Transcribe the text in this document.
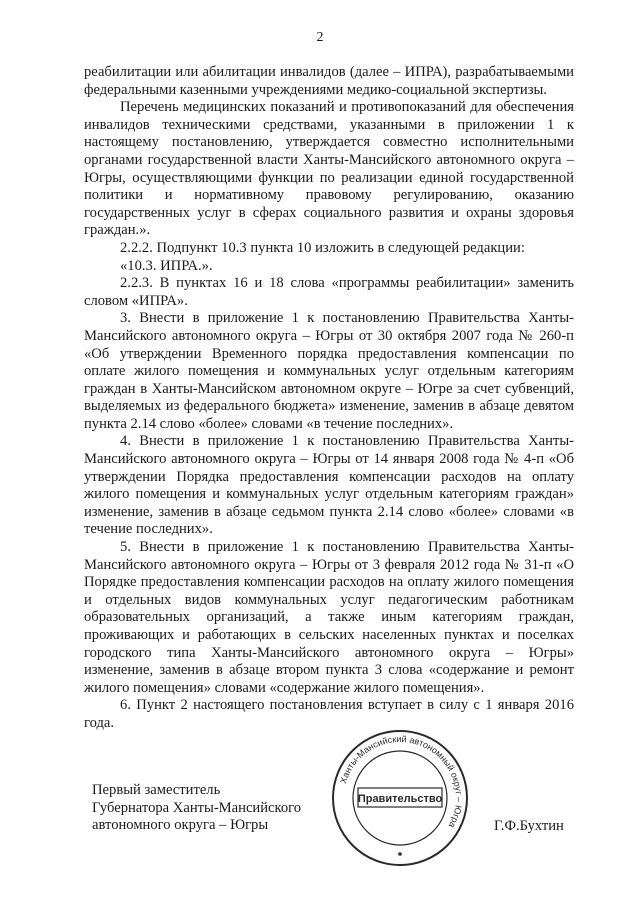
2

реабилитации или абилитации инвалидов (далее – ИПРА), разрабатываемыми федеральными казенными учреждениями медико-социальной экспертизы.

Перечень медицинских показаний и противопоказаний для обеспечения инвалидов техническими средствами, указанными в приложении 1 к настоящему постановлению, утверждается совместно исполнительными органами государственной власти Ханты-Мансийского автономного округа – Югры, осуществляющими функции по реализации единой государственной политики и нормативному правовому регулированию, оказанию государственных услуг в сферах социального развития и охраны здоровья граждан.».

2.2.2. Подпункт 10.3 пункта 10 изложить в следующей редакции:

«10.3. ИПРА.».

2.2.3. В пунктах 16 и 18 слова «программы реабилитации» заменить словом «ИПРА».

3. Внести в приложение 1 к постановлению Правительства Ханты-Мансийского автономного округа – Югры от 30 октября 2007 года № 260-п «Об утверждении Временного порядка предоставления компенсации по оплате жилого помещения и коммунальных услуг отдельным категориям граждан в Ханты-Мансийском автономном округе – Югре за счет субвенций, выделяемых из федерального бюджета» изменение, заменив в абзаце девятом пункта 2.14 слово «более» словами «в течение последних».

4. Внести в приложение 1 к постановлению Правительства Ханты-Мансийского автономного округа – Югры от 14 января 2008 года № 4-п «Об утверждении Порядка предоставления компенсации расходов на оплату жилого помещения и коммунальных услуг отдельным категориям граждан» изменение, заменив в абзаце седьмом пункта 2.14 слово «более» словами «в течение последних».

5. Внести в приложение 1 к постановлению Правительства Ханты-Мансийского автономного округа – Югры от 3 февраля 2012 года № 31-п «О Порядке предоставления компенсации расходов на оплату жилого помещения и отдельных видов коммунальных услуг педагогическим работникам образовательных организаций, а также иным категориям граждан, проживающих и работающих в сельских населенных пунктах и поселках городского типа Ханты-Мансийского автономного округа – Югры» изменение, заменив в абзаце втором пункта 3 слова «содержание и ремонт жилого помещения» словами «содержание жилого помещения».

6. Пункт 2 настоящего постановления вступает в силу с 1 января 2016 года.

Первый заместитель
Губернатора Ханты-Мансийского
автономного округа – Югры
Ханты-Мансийский автономный округ – Югра
Правительство
Г.Ф.Бухтин
